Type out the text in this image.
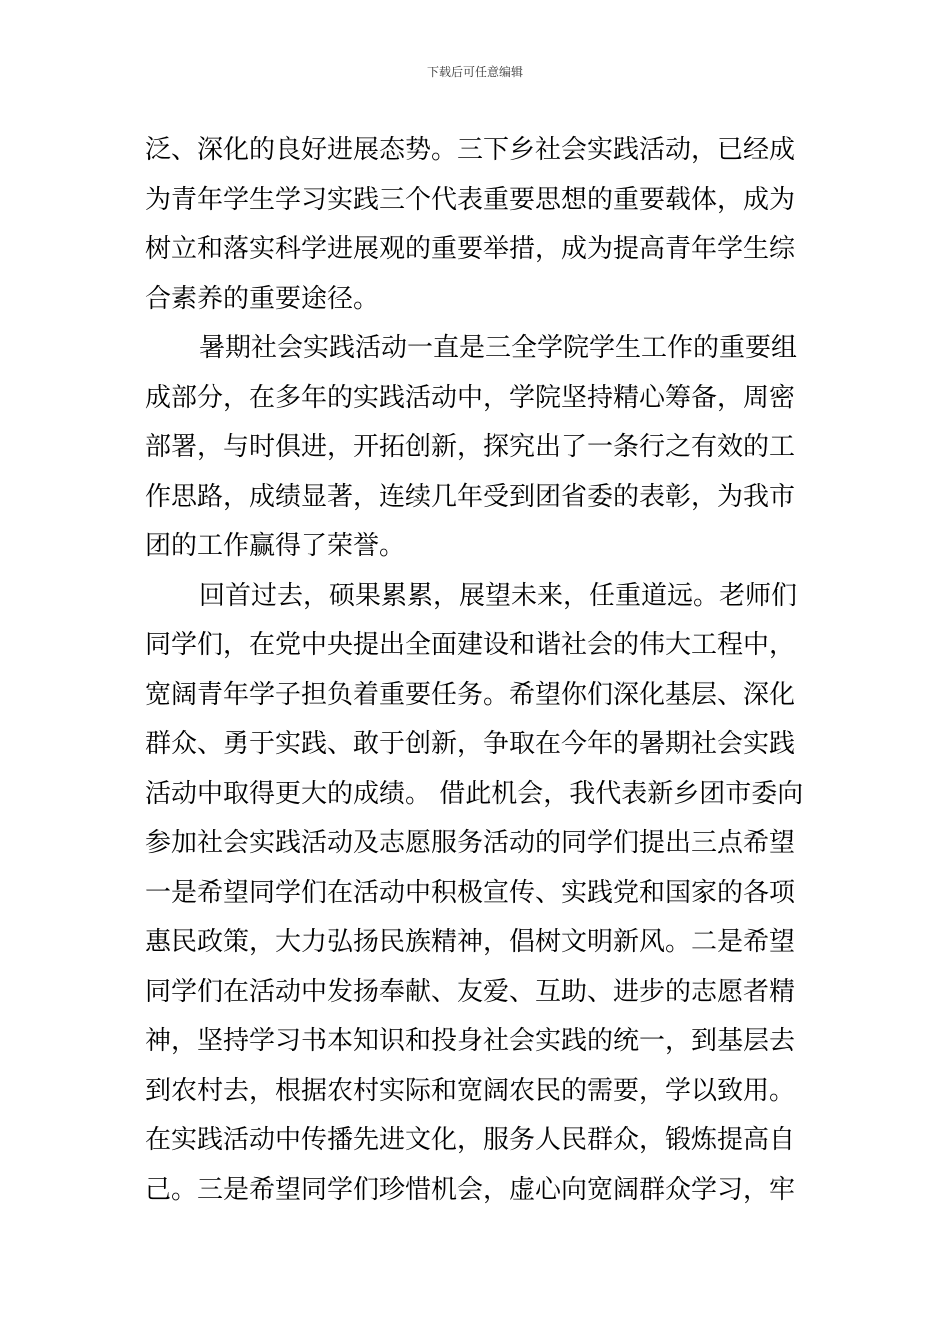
下载后可任意编辑
泛、深化的良好进展态势。三下乡社会实践活动，已经成
为青年学生学习实践三个代表重要思想的重要载体，成为
树立和落实科学进展观的重要举措，成为提高青年学生综
合素养的重要途径。
暑期社会实践活动一直是三全学院学生工作的重要组
成部分，在多年的实践活动中，学院坚持精心筹备，周密
部署，与时俱进，开拓创新，探究出了一条行之有效的工
作思路，成绩显著，连续几年受到团省委的表彰，为我市
团的工作赢得了荣誉。
回首过去，硕果累累，展望未来，任重道远。老师们
同学们，在党中央提出全面建设和谐社会的伟大工程中，
宽阔青年学子担负着重要任务。希望你们深化基层、深化
群众、勇于实践、敢于创新，争取在今年的暑期社会实践
活动中取得更大的成绩。 借此机会，我代表新乡团市委向
参加社会实践活动及志愿服务活动的同学们提出三点希望
一是希望同学们在活动中积极宣传、实践党和国家的各项
惠民政策，大力弘扬民族精神，倡树文明新风。二是希望
同学们在活动中发扬奉献、友爱、互助、进步的志愿者精
神，坚持学习书本知识和投身社会实践的统一，到基层去
到农村去，根据农村实际和宽阔农民的需要，学以致用。
在实践活动中传播先进文化，服务人民群众，锻炼提高自
己。三是希望同学们珍惜机会，虚心向宽阔群众学习，牢
